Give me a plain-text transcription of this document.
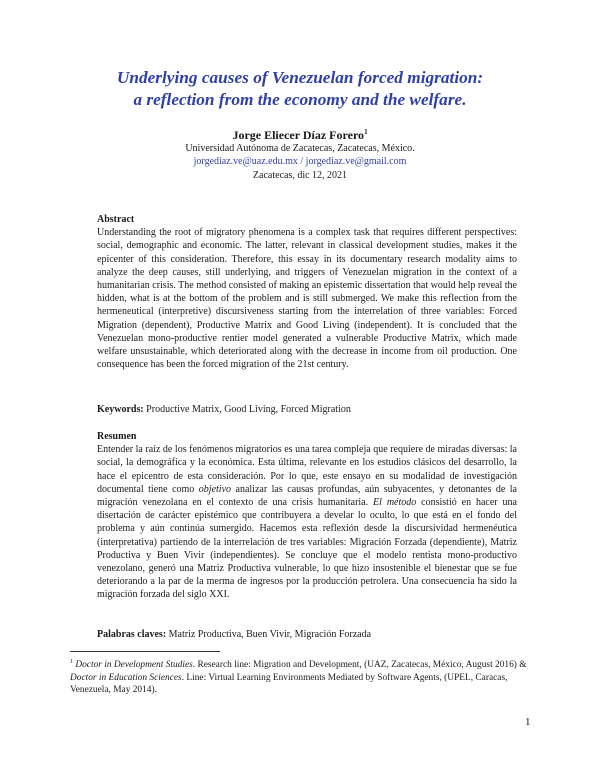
Underlying causes of Venezuelan forced migration:
a reflection from the economy and the welfare.
Jorge Eliecer Díaz Forero$^1$
Universidad Autónoma de Zacatecas, Zacatecas, México.
jorgediaz.ve@uaz.edu.mx / jorgediaz.ve@gmail.com
Zacatecas, dic 12, 2021
Abstract
Understanding the root of migratory phenomena is a complex task that requires different perspectives: social, demographic and economic. The latter, relevant in classical development studies, makes it the epicenter of this consideration. Therefore, this essay in its documentary research modality aims to analyze the deep causes, still underlying, and triggers of Venezuelan migration in the context of a humanitarian crisis. The method consisted of making an epistemic dissertation that would help reveal the hidden, what is at the bottom of the problem and is still submerged. We make this reflection from the hermeneutical (interpretive) discursiveness starting from the interrelation of three variables: Forced Migration (dependent), Productive Matrix and Good Living (independent). It is concluded that the Venezuelan mono-productive rentier model generated a vulnerable Productive Matrix, which made welfare unsustainable, which deteriorated along with the decrease in income from oil production. One consequence has been the forced migration of the 21st century.
Keywords: Productive Matrix, Good Living, Forced Migration
Resumen
Entender la raíz de los fenómenos migratorios es una tarea compleja que requiere de miradas diversas: la social, la demográfica y la económica. Esta última, relevante en los estudios clásicos del desarrollo, la hace el epicentro de esta consideración. Por lo que, este ensayo en su modalidad de investigación documental tiene como objetivo analizar las causas profundas, aún subyacentes, y detonantes de la migración venezolana en el contexto de una crisis humanitaria. El método consistió en hacer una disertación de carácter epistémico que contribuyera a develar lo oculto, lo que está en el fondo del problema y aún continúa sumergido. Hacemos esta reflexión desde la discursividad hermenéutica (interpretativa) partiendo de la interrelación de tres variables: Migración Forzada (dependiente), Matriz Productiva y Buen Vivir (independientes). Se concluye que el modelo rentista mono-productivo venezolano, generó una Matriz Productiva vulnerable, lo que hizo insostenible el bienestar que se fue deteriorando a la par de la merma de ingresos por la producción petrolera. Una consecuencia ha sido la migración forzada del siglo XXI.
Palabras claves: Matriz Productiva, Buen Vivir, Migración Forzada
$^1$ Doctor in Development Studies. Research line: Migration and Development, (UAZ, Zacatecas, México, August 2016) & Doctor in Education Sciences. Line: Virtual Learning Environments Mediated by Software Agents, (UPEL, Caracas, Venezuela, May 2014).
1
